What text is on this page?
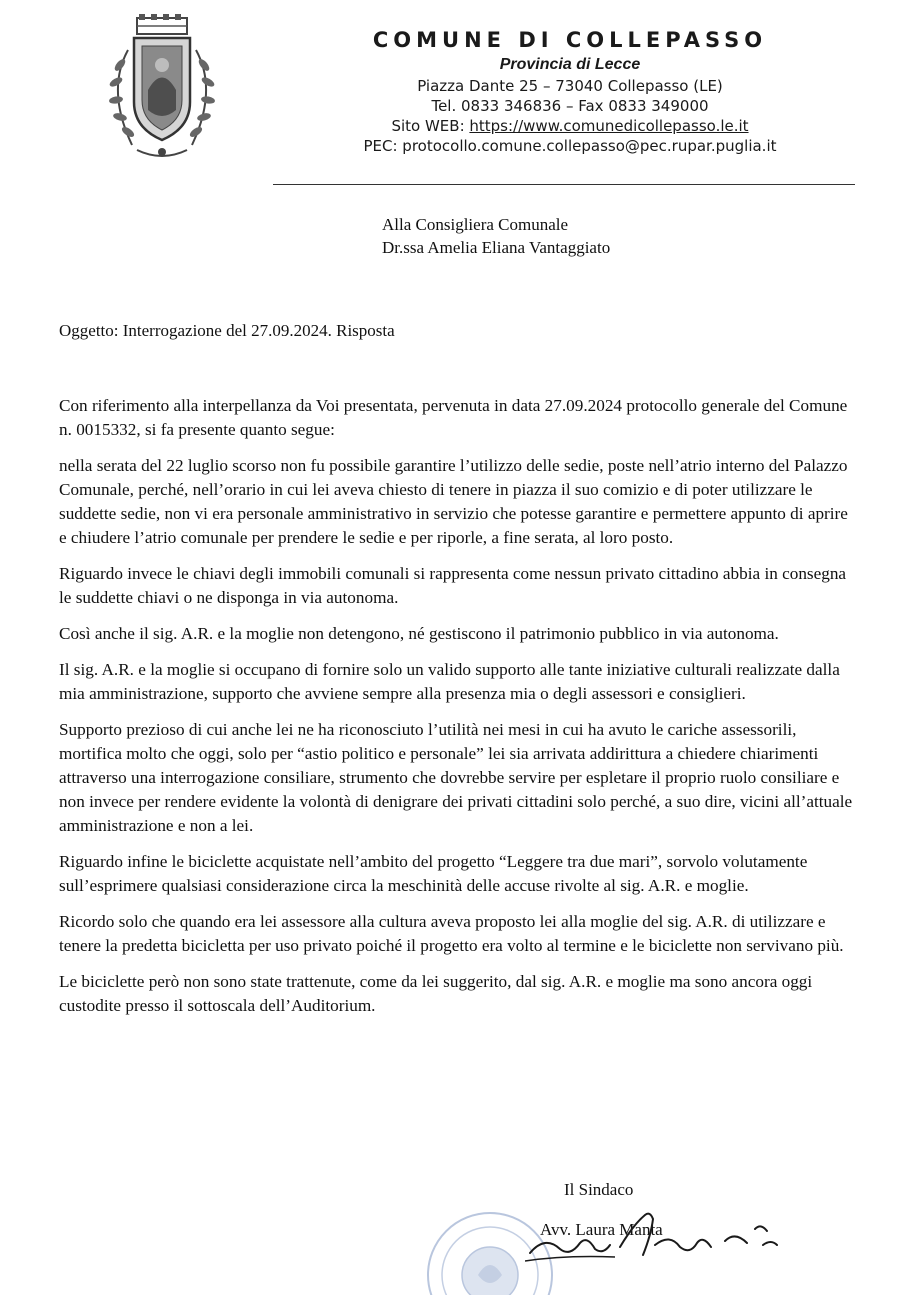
COMUNE DI COLLEPASSO
Provincia di Lecce
Piazza Dante 25 – 73040 Collepasso (LE)
Tel. 0833 346836 – Fax 0833 349000
Sito WEB: https://www.comunedicollepasso.le.it
PEC: protocollo.comune.collepasso@pec.rupar.puglia.it
Alla Consigliera Comunale
Dr.ssa Amelia Eliana Vantaggiato
Oggetto: Interrogazione del 27.09.2024. Risposta

Con riferimento alla interpellanza da Voi presentata, pervenuta in data 27.09.2024 protocollo generale del Comune n. 0015332, si fa presente quanto segue:

nella serata del 22 luglio scorso non fu possibile garantire l’utilizzo delle sedie, poste nell’atrio interno del Palazzo Comunale, perché, nell’orario in cui lei aveva chiesto di tenere in piazza il suo comizio e di poter utilizzare le suddette sedie, non vi era personale amministrativo in servizio che potesse garantire e permettere appunto di aprire e chiudere l’atrio comunale per prendere le sedie e per riporle, a fine serata, al loro posto.

Riguardo invece le chiavi degli immobili comunali si rappresenta come nessun privato cittadino abbia in consegna le suddette chiavi o ne disponga in via autonoma.

Così anche il sig. A.R. e la moglie non detengono, né gestiscono il patrimonio pubblico in via autonoma.

Il sig. A.R. e la moglie si occupano di fornire solo un valido supporto alle tante iniziative culturali realizzate dalla mia amministrazione, supporto che avviene sempre alla presenza mia o degli assessori e consiglieri.

Supporto prezioso di cui anche lei ne ha riconosciuto l’utilità nei mesi in cui ha avuto le cariche assessorili, mortifica molto che oggi, solo per “astio politico e personale” lei sia arrivata addirittura a chiedere chiarimenti attraverso una interrogazione consiliare, strumento che dovrebbe servire per espletare il proprio ruolo consiliare e non invece per rendere evidente la volontà di denigrare dei privati cittadini solo perché, a suo dire, vicini all’attuale amministrazione e non a lei.

Riguardo infine le biciclette acquistate nell’ambito del progetto “Leggere tra due mari”, sorvolo volutamente sull’esprimere qualsiasi considerazione circa la meschinità delle accuse rivolte al sig. A.R. e moglie.

Ricordo solo che quando era lei assessore alla cultura aveva proposto lei alla moglie del sig. A.R. di utilizzare e tenere la predetta bicicletta per uso privato poiché il progetto era volto al termine e le biciclette non servivano più.

Le biciclette però non sono state trattenute, come da lei suggerito, dal sig. A.R. e moglie ma sono ancora oggi custodite presso il sottoscala dell’Auditorium.

Il Sindaco
Avv. Laura Manta
